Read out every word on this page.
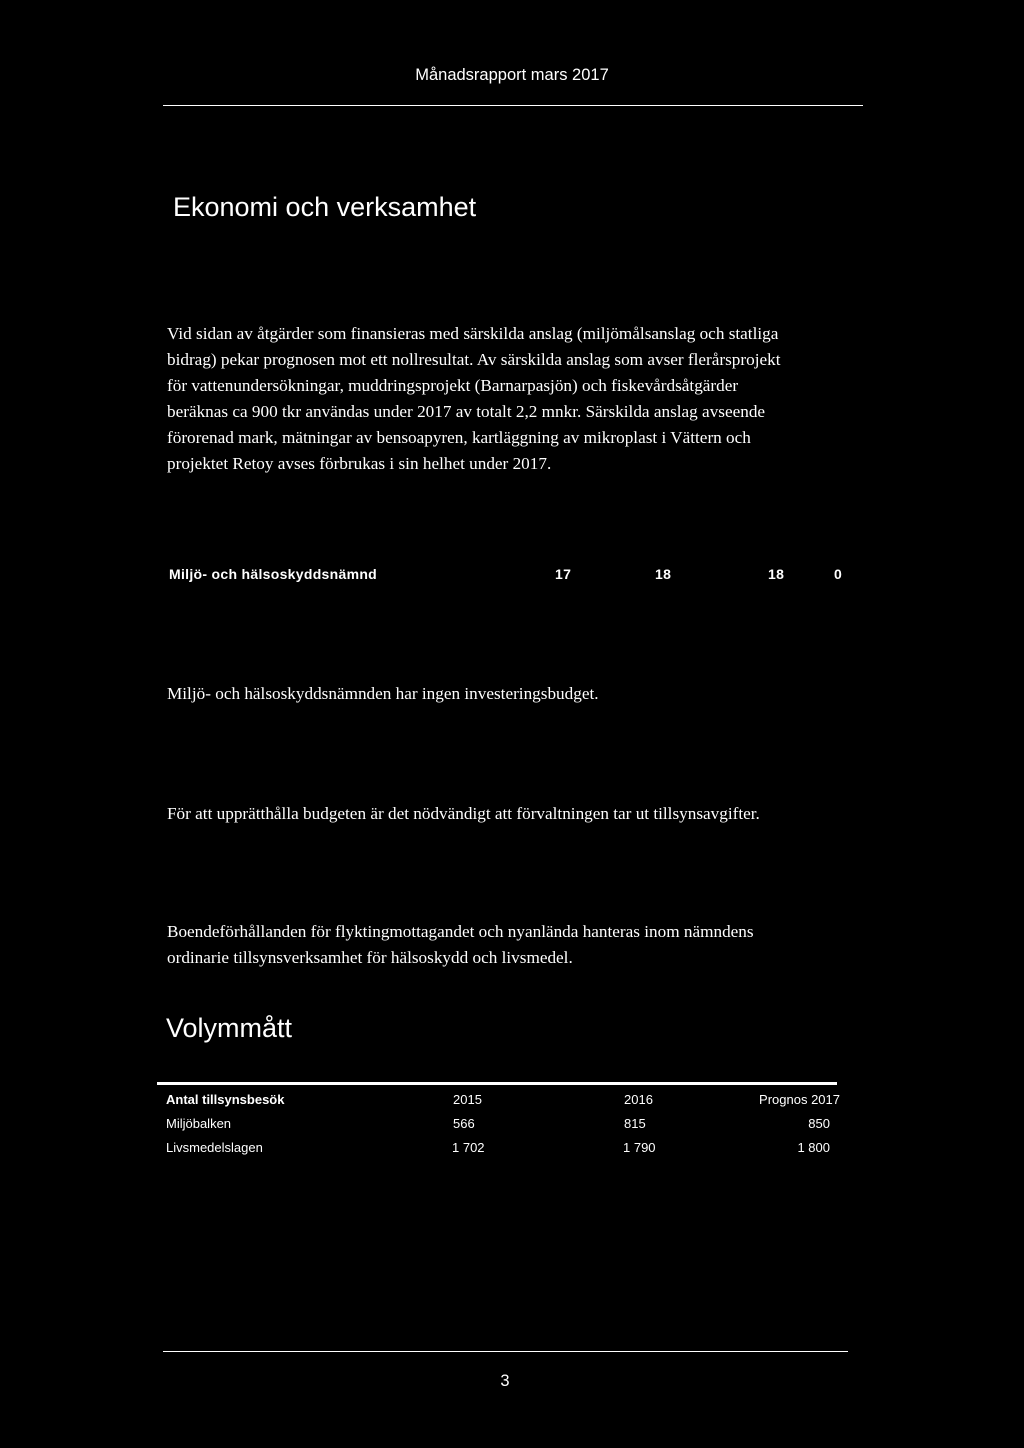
Månadsrapport mars 2017
Ekonomi och verksamhet

Vid sidan av åtgärder som finansieras med särskilda anslag (miljömålsanslag och statliga
bidrag) pekar prognosen mot ett nollresultat. Av särskilda anslag som avser flerårsprojekt
för vattenundersökningar, muddringsprojekt (Barnarpasjön) och fiskevårdsåtgärder
beräknas ca 900 tkr användas under 2017 av totalt 2,2 mnkr. Särskilda anslag avseende
förorenad mark, mätningar av bensoapyren, kartläggning av mikroplast i Vättern och
projektet Retoy avses förbrukas i sin helhet under 2017.

Miljö- och hälsoskyddsnämnd	17	18	18	0

Miljö- och hälsoskyddsnämnden har ingen investeringsbudget.

För att upprätthålla budgeten är det nödvändigt att förvaltningen tar ut tillsynsavgifter.

Boendeförhållanden för flyktingmottagandet och nyanlända hanteras inom nämndens
ordinarie tillsynsverksamhet för hälsoskydd och livsmedel.

Volymmått
Antal tillsynsbesök	2015	2016	Prognos 2017
Miljöbalken	566	815	850
Livsmedelslagen	1 702	1 790	1 800
3
